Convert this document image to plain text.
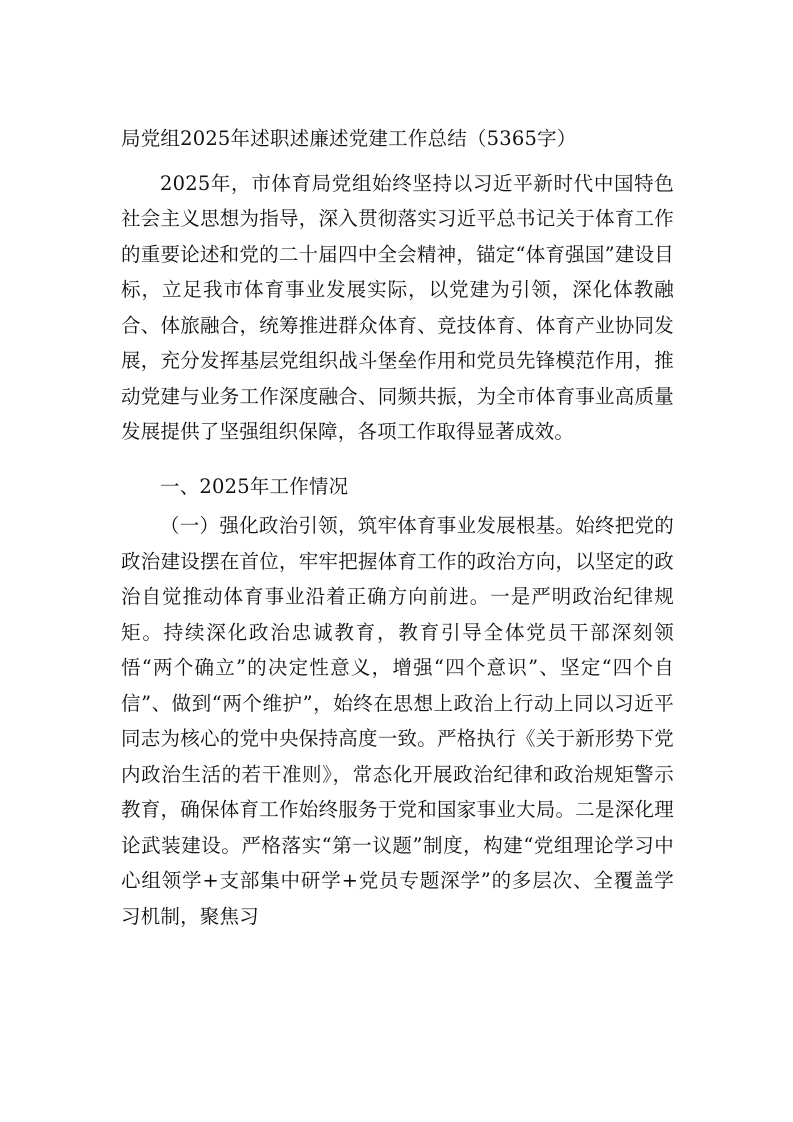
局党组2025年述职述廉述党建工作总结（5365字）

2025年，市体育局党组始终坚持以习近平新时代中国特色社会主义思想为指导，深入贯彻落实习近平总书记关于体育工作的重要论述和党的二十届四中全会精神，锚定“体育强国”建设目标，立足我市体育事业发展实际，以党建为引领，深化体教融合、体旅融合，统筹推进群众体育、竞技体育、体育产业协同发展，充分发挥基层党组织战斗堡垒作用和党员先锋模范作用，推动党建与业务工作深度融合、同频共振，为全市体育事业高质量发展提供了坚强组织保障，各项工作取得显著成效。

一、2025年工作情况

（一）强化政治引领，筑牢体育事业发展根基。始终把党的政治建设摆在首位，牢牢把握体育工作的政治方向，以坚定的政治自觉推动体育事业沿着正确方向前进。一是严明政治纪律规矩。持续深化政治忠诚教育，教育引导全体党员干部深刻领悟“两个确立”的决定性意义，增强“四个意识”、坚定“四个自信”、做到“两个维护”，始终在思想上政治上行动上同以习近平同志为核心的党中央保持高度一致。严格执行《关于新形势下党内政治生活的若干准则》，常态化开展政治纪律和政治规矩警示教育，确保体育工作始终服务于党和国家事业大局。二是深化理论武装建设。严格落实“第一议题”制度，构建“党组理论学习中心组领学+支部集中研学+党员专题深学”的多层次、全覆盖学习机制，聚焦习
